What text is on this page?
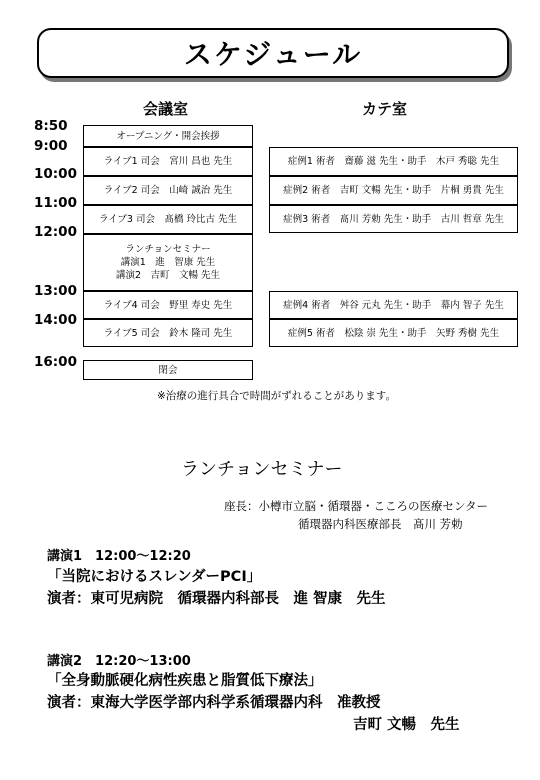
スケジュール
会議室	カテ室
8:50
9:00
10:00
11:00
12:00
13:00
14:00
16:00
オープニング・開会挨拶
ライブ1 司会　宮川 昌也 先生
ライブ2 司会　山崎 誠治 先生
ライブ3 司会　髙橋 玲比古 先生
ランチョンセミナー
講演1　進　智康 先生
講演2　吉町　文暢 先生
ライブ4 司会　野里 寿史 先生
ライブ5 司会　鈴木 隆司 先生
閉会
症例1 術者　齋藤 滋 先生・助手　木戸 秀聡 先生
症例2 術者　吉町 文暢 先生・助手　片桐 勇貴 先生
症例3 術者　髙川 芳勅 先生・助手　古川 哲章 先生
症例4 術者　舛谷 元丸 先生・助手　幕内 智子 先生
症例5 術者　松陰 崇 先生・助手　矢野 秀樹 先生
※治療の進行具合で時間がずれることがあります。
ランチョンセミナー
座長：小樽市立脳・循環器・こころの医療センター
循環器内科医療部長　髙川 芳勅
講演1　12:00～12:20
「当院におけるスレンダーPCI」
演者：東可児病院　循環器内科部長　進 智康　先生
講演2　12:20～13:00
「全身動脈硬化病性疾患と脂質低下療法」
演者：東海大学医学部内科学系循環器内科　准教授
吉町 文暢　先生
